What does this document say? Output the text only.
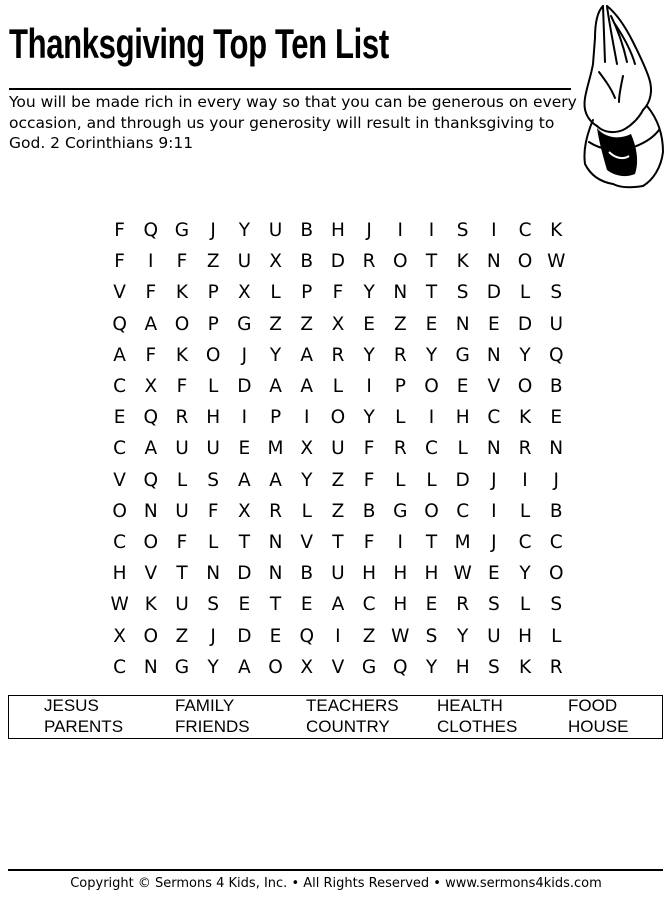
Thanksgiving Top Ten List
You will be made rich in every way so that you can be generous on every occasion, and through us your generosity will result in thanksgiving to God. 2 Corinthians 9:11
F	Q G	J	Y	U B H	J	I	I	S	I	C	K
F	I	F	Z U X B D R O T	K N O W
V	F	K	P	X	L	P	F	Y	N	T	S D	L	S
Q A O P G Z	Z	X	E	Z	E N E D U
A	F	K O	J	Y	A R	Y	R	Y G N	Y Q
C X	F	L	D A	A	L	I	P O E	V O B
E Q R H	I	P	I	O Y	L	I	H C	K	E
C A U U	E M X U	F	R C	L	N R N
V Q	L	S	A	A	Y	Z	F	L	L	D	J	I	J
O N U	F	X R	L	Z B G O C	I	L	B
C O	F	L	T	N V	T	F	I	T M	J	C C
H V	T	N D N B U H H H W E	Y O
W K U	S	E	T	E	A C H E	R	S	L	S
X O Z	J	D E Q	I	Z W S	Y	U H	L
C N G Y	A O X	V G Q Y	H S	K	R
JESUS	FAMILY	TEACHERS HEALTH	FOOD
PARENTS	FRIENDS	COUNTRY	CLOTHES	HOUSE
Copyright © Sermons 4 Kids, Inc. • All Rights Reserved • www.sermons4kids.com
